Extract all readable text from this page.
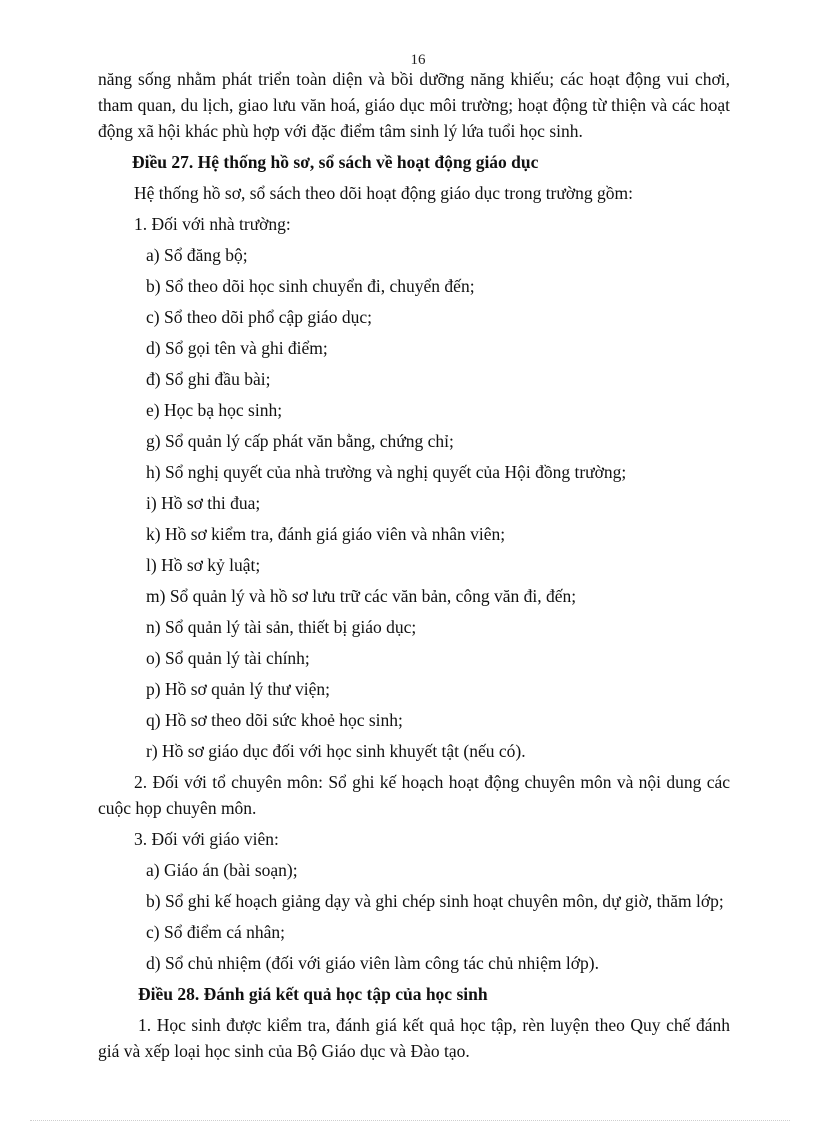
16

năng sống nhằm phát triển toàn diện và bồi dưỡng năng khiếu; các hoạt động vui chơi, tham quan, du lịch, giao lưu văn hoá, giáo dục môi trường; hoạt động từ thiện và các hoạt động xã hội khác phù hợp với đặc điểm tâm sinh lý lứa tuổi học sinh.

Điều 27. Hệ thống hồ sơ, sổ sách về hoạt động giáo dục

Hệ thống hồ sơ, sổ sách theo dõi hoạt động giáo dục trong trường gồm:

1. Đối với nhà trường:

a) Sổ đăng bộ;

b) Sổ theo dõi học sinh chuyển đi, chuyển đến;

c) Sổ theo dõi phổ cập giáo dục;

d) Sổ gọi tên và ghi điểm;

đ) Sổ ghi đầu bài;

e) Học bạ học sinh;

g) Sổ quản lý cấp phát văn bằng, chứng chỉ;

h) Sổ nghị quyết của nhà trường và nghị quyết của Hội đồng trường;

i) Hồ sơ thi đua;

k) Hồ sơ kiểm tra, đánh giá giáo viên và nhân viên;

l) Hồ sơ kỷ luật;

m) Sổ quản lý và hồ sơ lưu trữ các văn bản, công văn đi, đến;

n) Sổ quản lý tài sản, thiết bị giáo dục;

o) Sổ quản lý tài chính;

p) Hồ sơ quản lý thư viện;

q) Hồ sơ theo dõi sức khoẻ học sinh;

r) Hồ sơ giáo dục đối với học sinh khuyết tật (nếu có).

2. Đối với tổ chuyên môn: Sổ ghi kế hoạch hoạt động chuyên môn và nội dung các cuộc họp chuyên môn.

3. Đối với giáo viên:

a) Giáo án (bài soạn);

b) Sổ ghi kế hoạch giảng dạy và ghi chép sinh hoạt chuyên môn, dự giờ, thăm lớp;

c) Sổ điểm cá nhân;

d) Sổ chủ nhiệm (đối với giáo viên làm công tác chủ nhiệm lớp).

Điều 28. Đánh giá kết quả học tập của học sinh

1. Học sinh được kiểm tra, đánh giá kết quả học tập, rèn luyện theo Quy chế đánh giá và xếp loại học sinh của Bộ Giáo dục và Đào tạo.
